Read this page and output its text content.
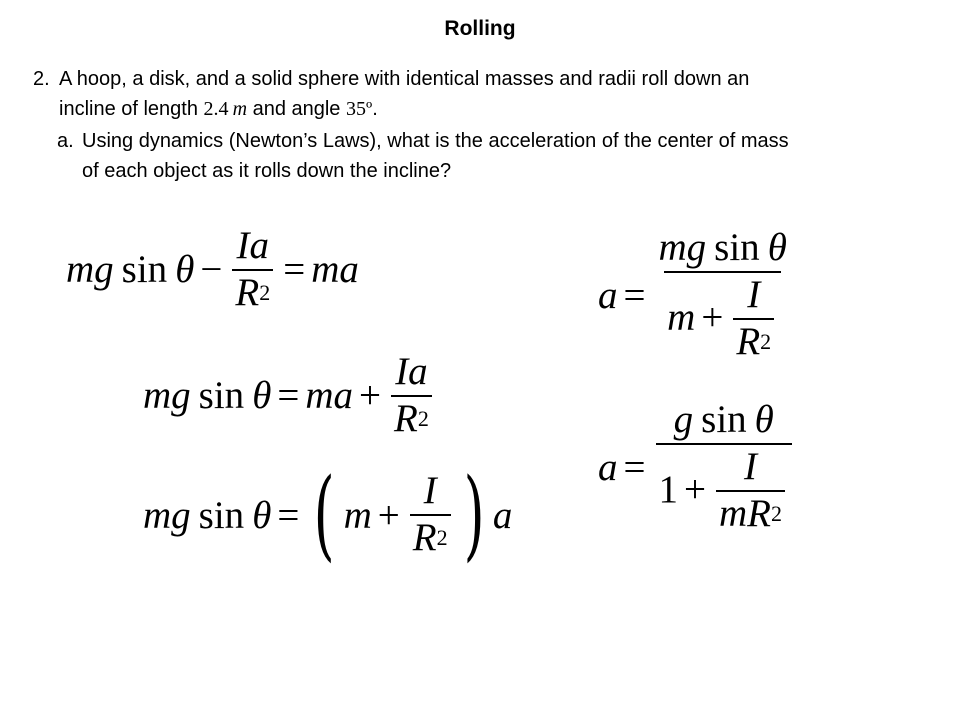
Rolling
2. A hoop, a disk, and a solid sphere with identical masses and radii roll down an
incline of length 2.4  m and angle 35º.
a. Using dynamics (Newton’s Laws), what is the acceleration of the center of mass
of each object as it rolls down the incline?
mg $\sin \theta - \frac{Ia}{R 2}$ = ma
mg sin θ = ma + $\frac{Ia}{R 2}$
mg sin θ = ( $m + \frac{I}{R 2}$ ) a
$a = \frac{\text{mg sin θ}}{m + \frac{I}{R 2}}$
$a = \frac{\text{g sin θ}}{1 + \frac{I}{mR 2}}$
